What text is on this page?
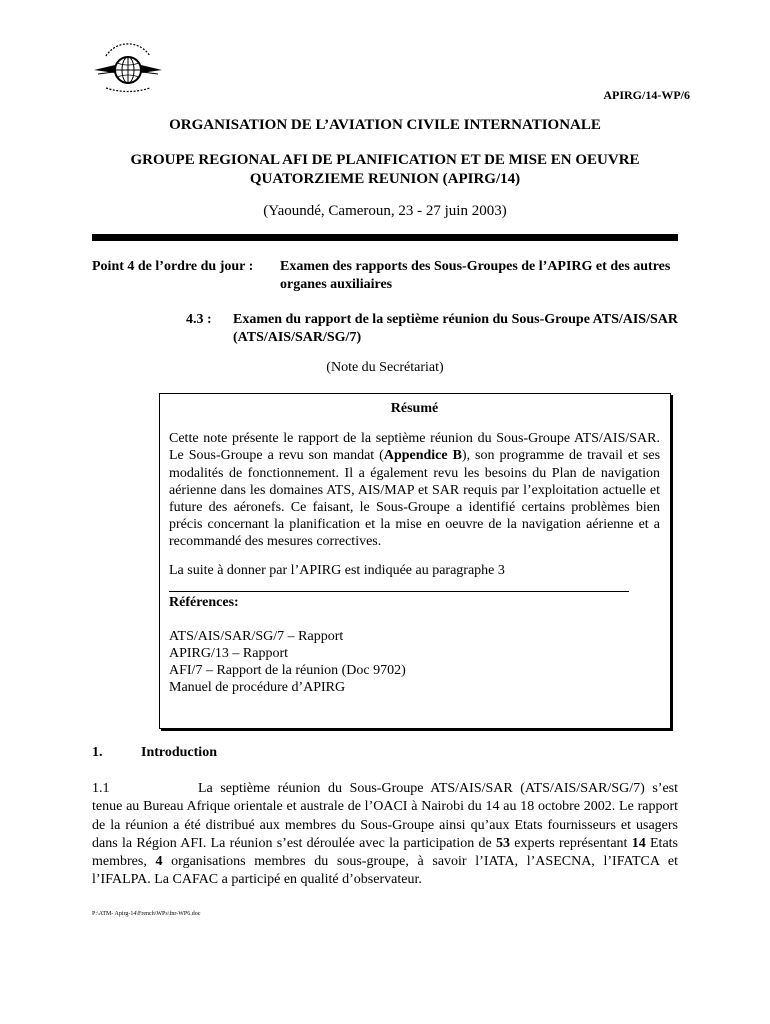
APIRG/14-WP/6
ORGANISATION DE L’AVIATION CIVILE INTERNATIONALE
GROUPE REGIONAL AFI DE PLANIFICATION ET DE MISE EN OEUVRE
QUATORZIEME REUNION (APIRG/14)
(Yaoundé, Cameroun, 23 - 27 juin 2003)
Point 4 de l’ordre du jour : Examen des rapports des Sous-Groupes de l’APIRG et des autres organes auxiliaires
4.3 : Examen du rapport de la septième réunion du Sous-Groupe ATS/AIS/SAR (ATS/AIS/SAR/SG/7)
(Note du Secrétariat)
Résumé

Cette note présente le rapport de la septième réunion du Sous-Groupe ATS/AIS/SAR. Le Sous-Groupe a revu son mandat (Appendice B), son programme de travail et ses modalités de fonctionnement. Il a également revu les besoins du Plan de navigation aérienne dans les domaines ATS, AIS/MAP et SAR requis par l’exploitation actuelle et future des aéronefs. Ce faisant, le Sous-Groupe a identifié certains problèmes bien précis concernant la planification et la mise en oeuvre de la navigation aérienne et a recommandé des mesures correctives.

La suite à donner par l’APIRG est indiquée au paragraphe 3

Références:
ATS/AIS/SAR/SG/7 – Rapport
APIRG/13 – Rapport
AFI/7 – Rapport de la réunion (Doc 9702)
Manuel de procédure d’APIRG
1.	Introduction
1.1	La septième réunion du Sous-Groupe ATS/AIS/SAR (ATS/AIS/SAR/SG/7) s’est tenue au Bureau Afrique orientale et australe de l’OACI à Nairobi du 14 au 18 octobre 2002. Le rapport de la réunion a été distribué aux membres du Sous-Groupe ainsi qu’aux Etats fournisseurs et usagers dans la Région AFI. La réunion s’est déroulée avec la participation de 53 experts représentant 14 Etats membres, 4 organisations membres du sous-groupe, à savoir l’IATA, l’ASECNA, l’IFATCA et l’IFALPA. La CAFAC a participé en qualité d’observateur.
P:\ATM- Apirg-14\French\WPs\fnr-WP6.doc
